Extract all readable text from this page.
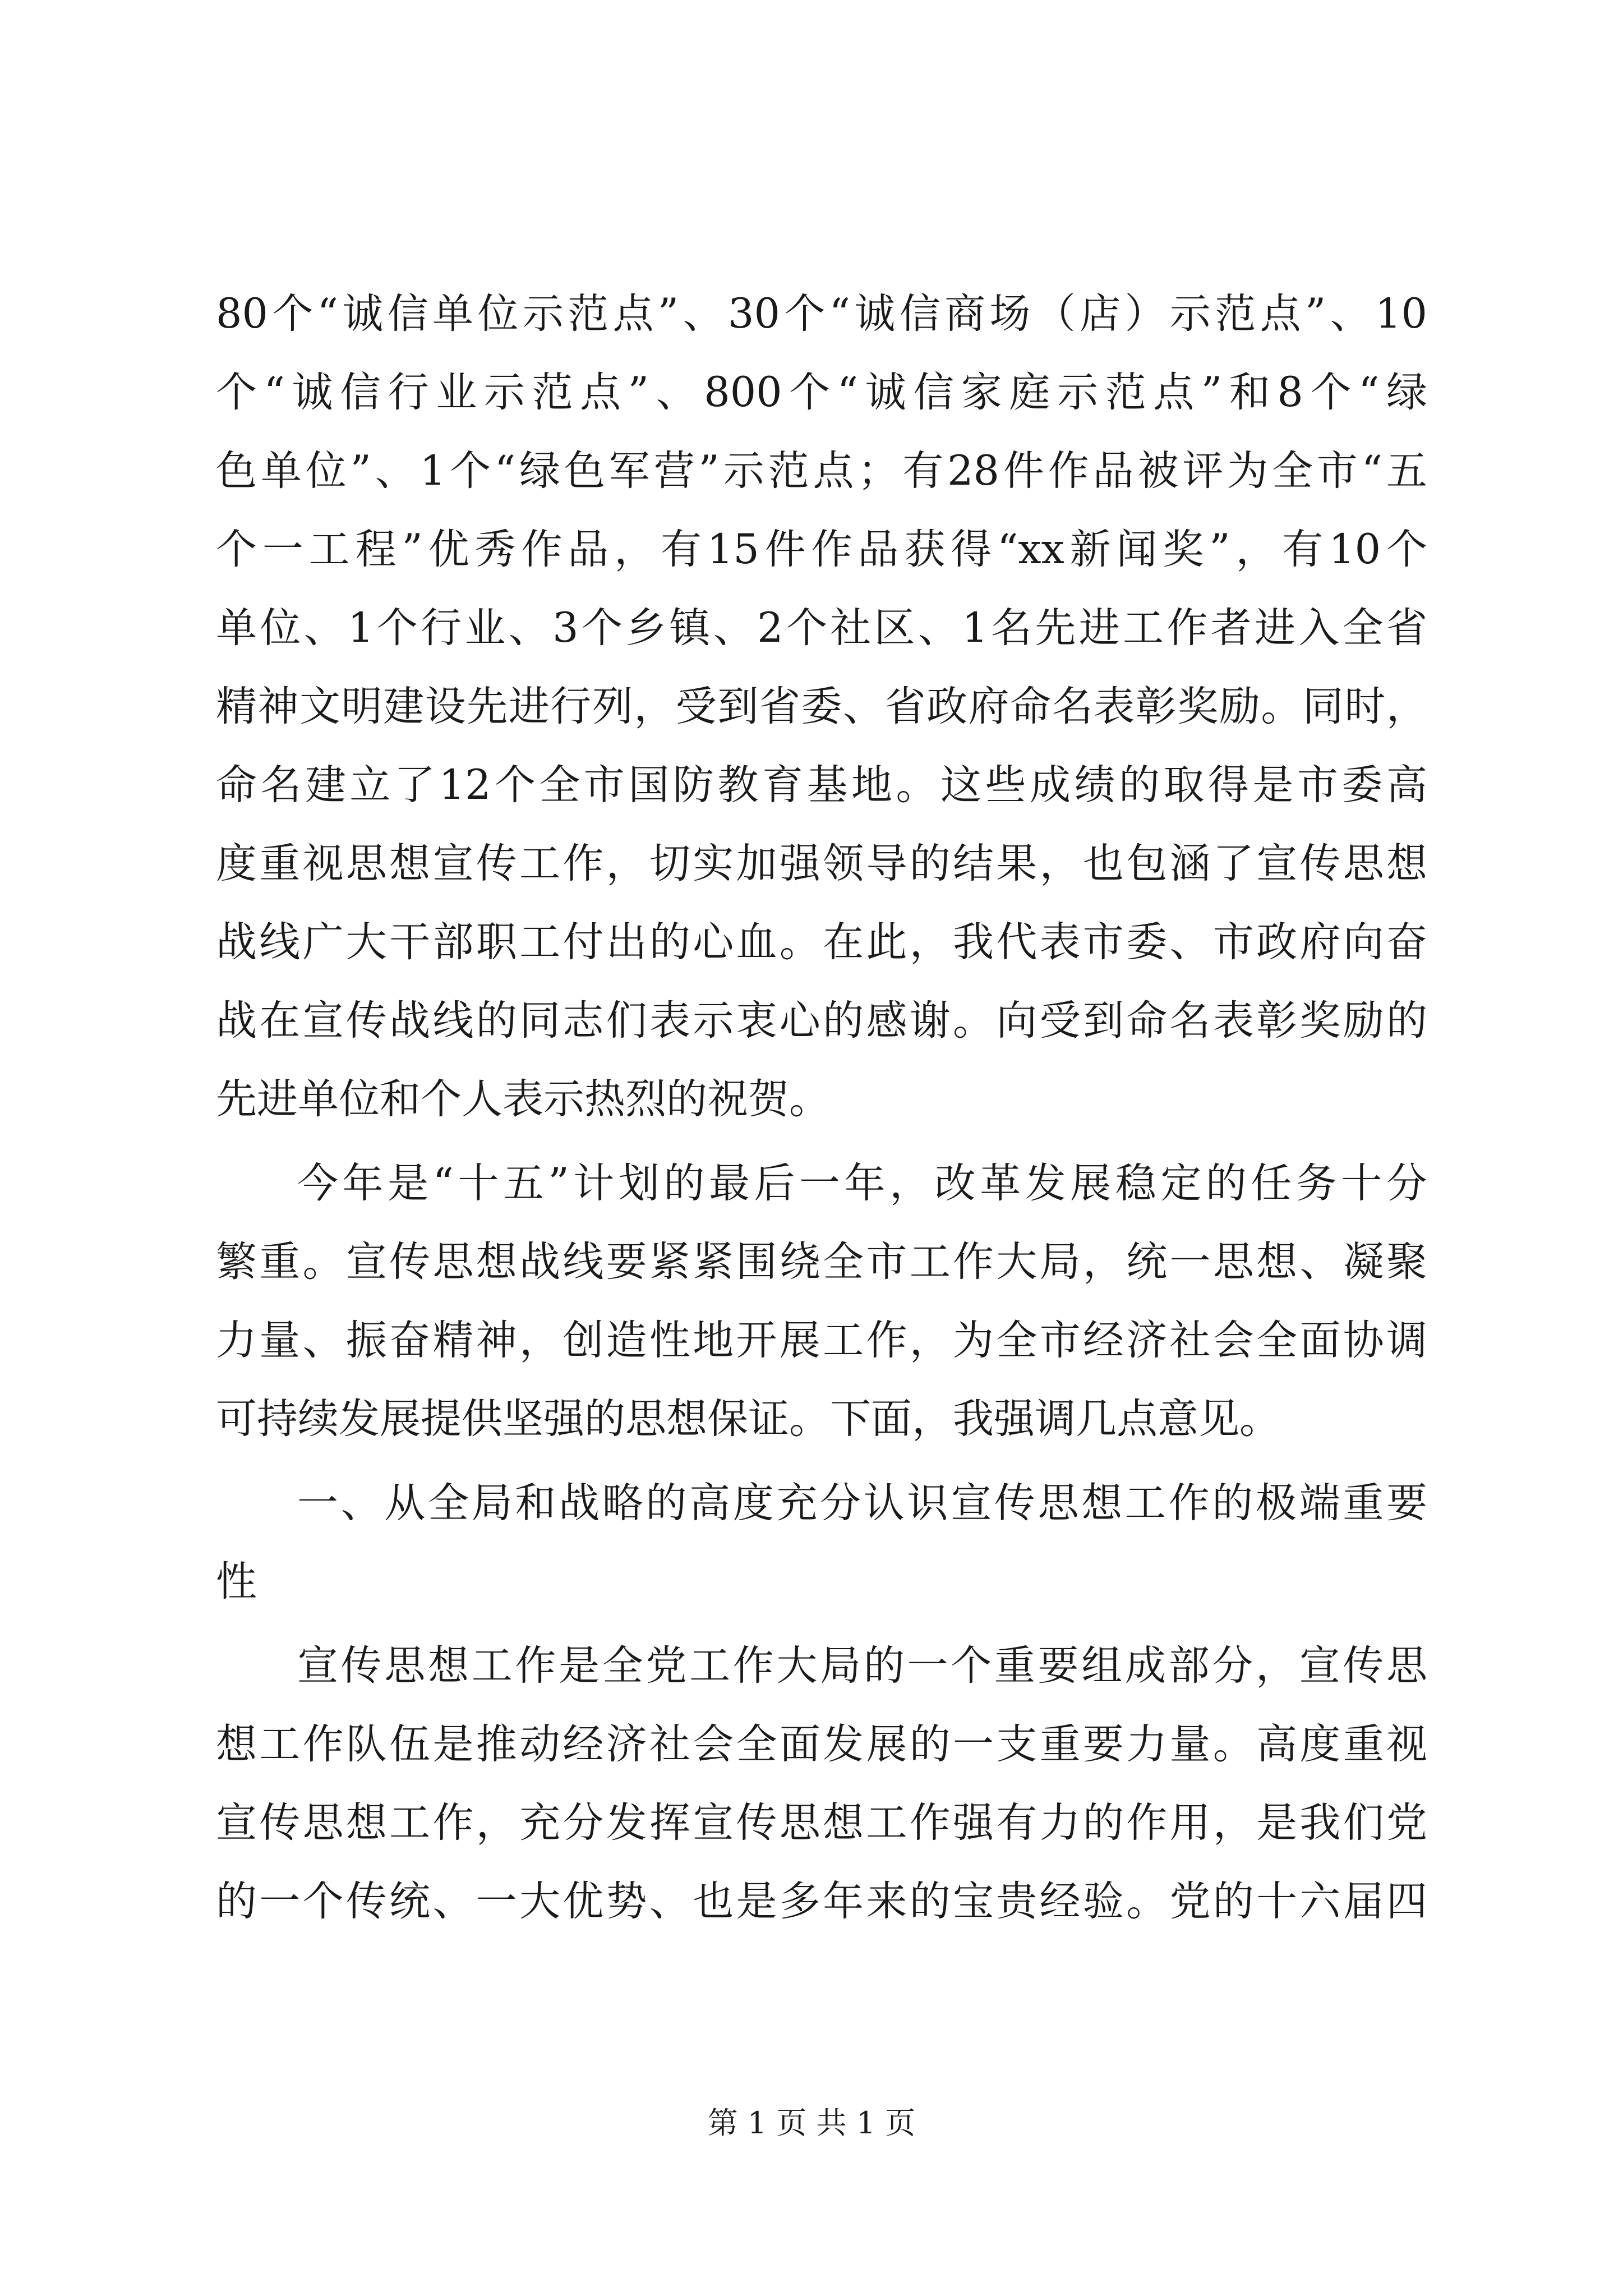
80个“诚信单位示范点”、30个“诚信商场（店）示范点”、10
个“诚信行业示范点”、800个“诚信家庭示范点”和8个“绿
色单位”、1个“绿色军营”示范点；有28件作品被评为全市“五
个一工程”优秀作品，有15件作品获得“xx新闻奖”，有10个
单位、1个行业、3个乡镇、2个社区、1名先进工作者进入全省
精神文明建设先进行列，受到省委、省政府命名表彰奖励。同时，
命名建立了12个全市国防教育基地。这些成绩的取得是市委高
度重视思想宣传工作，切实加强领导的结果，也包涵了宣传思想
战线广大干部职工付出的心血。在此，我代表市委、市政府向奋
战在宣传战线的同志们表示衷心的感谢。向受到命名表彰奖励的
先进单位和个人表示热烈的祝贺。
今年是“十五”计划的最后一年，改革发展稳定的任务十分
繁重。宣传思想战线要紧紧围绕全市工作大局，统一思想、凝聚
力量、振奋精神，创造性地开展工作，为全市经济社会全面协调
可持续发展提供坚强的思想保证。下面，我强调几点意见。
一、从全局和战略的高度充分认识宣传思想工作的极端重要
性
宣传思想工作是全党工作大局的一个重要组成部分，宣传思
想工作队伍是推动经济社会全面发展的一支重要力量。高度重视
宣传思想工作，充分发挥宣传思想工作强有力的作用，是我们党
的一个传统、一大优势、也是多年来的宝贵经验。党的十六届四
第 1 页 共 1 页
